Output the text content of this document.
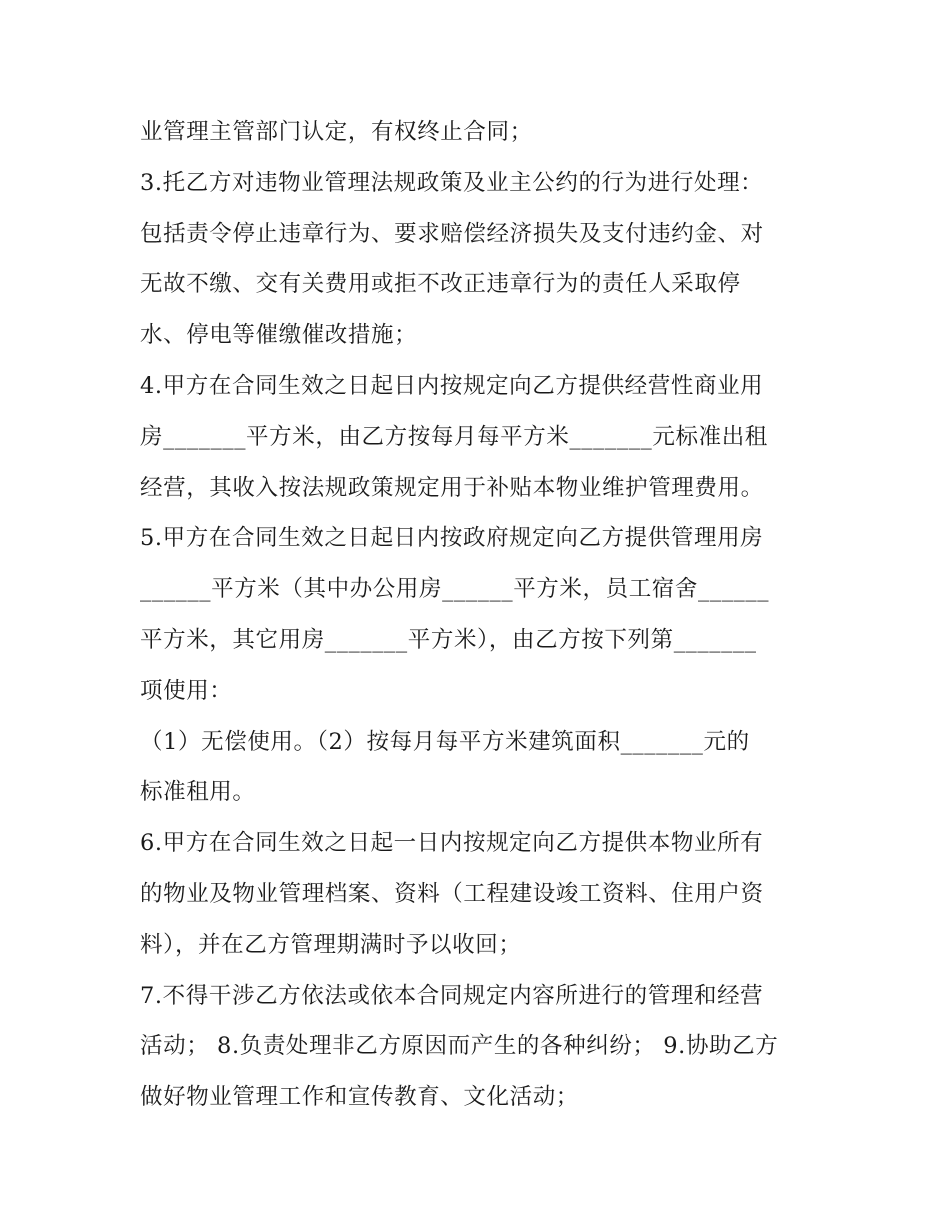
业管理主管部门认定，有权终止合同；
3.托乙方对违物业管理法规政策及业主公约的行为进行处理：
包括责令停止违章行为、要求赔偿经济损失及支付违约金、对
无故不缴、交有关费用或拒不改正违章行为的责任人采取停
水、停电等催缴催改措施；
4.甲方在合同生效之日起日内按规定向乙方提供经营性商业用
房_______平方米，由乙方按每月每平方米_______元标准出租
经营，其收入按法规政策规定用于补贴本物业维护管理费用。
5.甲方在合同生效之日起日内按政府规定向乙方提供管理用房
______平方米（其中办公用房______平方米，员工宿舍______
平方米，其它用房_______平方米），由乙方按下列第_______
项使用：
（1）无偿使用。（2）按每月每平方米建筑面积_______元的
标准租用。
6.甲方在合同生效之日起一日内按规定向乙方提供本物业所有
的物业及物业管理档案、资料（工程建设竣工资料、住用户资
料），并在乙方管理期满时予以收回；
7.不得干涉乙方依法或依本合同规定内容所进行的管理和经营
活动； 8.负责处理非乙方原因而产生的各种纠纷； 9.协助乙方
做好物业管理工作和宣传教育、文化活动；
